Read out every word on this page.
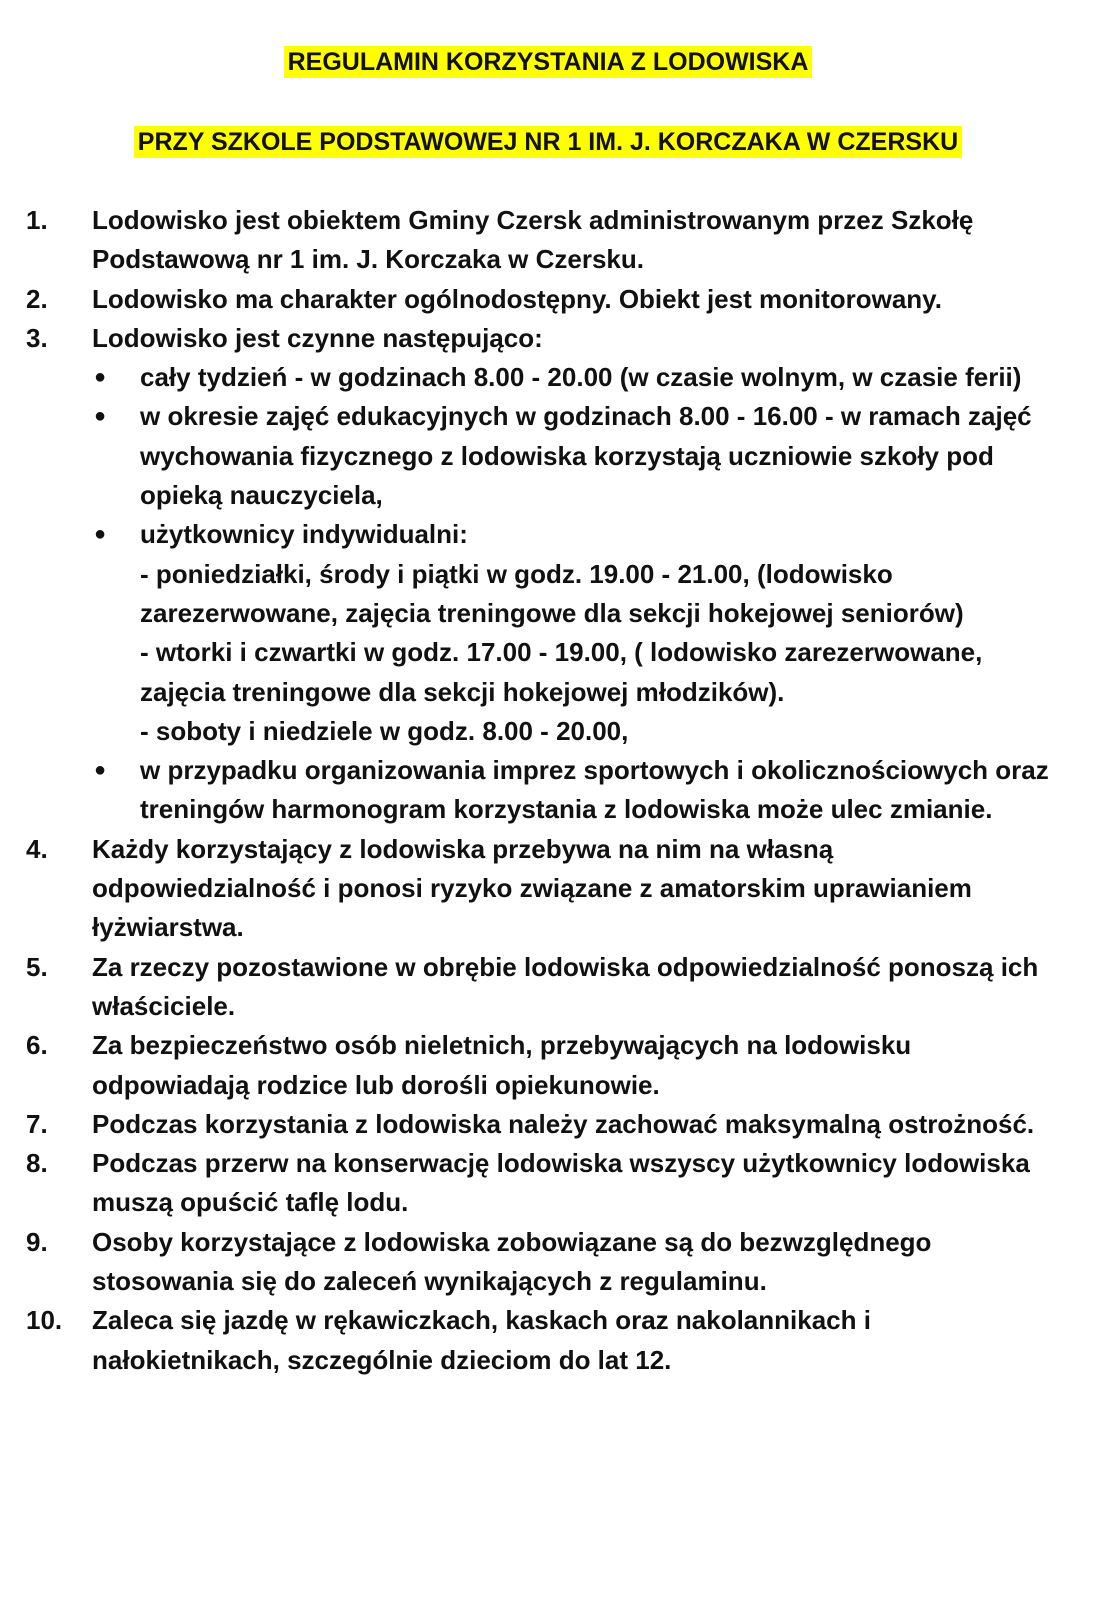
REGULAMIN KORZYSTANIA Z LODOWISKA
PRZY SZKOLE PODSTAWOWEJ NR 1 IM. J. KORCZAKA W CZERSKU
1. Lodowisko jest obiektem Gminy Czersk administrowanym przez Szkołę Podstawową nr 1 im. J. Korczaka w Czersku.
2. Lodowisko ma charakter ogólnodostępny. Obiekt jest monitorowany.
3. Lodowisko jest czynne następująco:
● cały tydzień - w godzinach 8.00 - 20.00 (w czasie wolnym, w czasie ferii)
● w okresie zajęć edukacyjnych w godzinach 8.00 - 16.00 - w ramach zajęć wychowania fizycznego z lodowiska korzystają uczniowie szkoły pod opieką nauczyciela,
● użytkownicy indywidualni:
- poniedziałki, środy i piątki w godz. 19.00 - 21.00, (lodowisko zarezerwowane, zajęcia treningowe dla sekcji hokejowej seniorów)
- wtorki i czwartki w godz. 17.00 - 19.00, ( lodowisko zarezerwowane, zajęcia treningowe dla sekcji hokejowej młodzików).
- soboty i niedziele w godz. 8.00 - 20.00,
● w przypadku organizowania imprez sportowych i okolicznościowych oraz treningów harmonogram korzystania z lodowiska może ulec zmianie.
4. Każdy korzystający z lodowiska przebywa na nim na własną odpowiedzialność i ponosi ryzyko związane z amatorskim uprawianiem łyżwiarstwa.
5. Za rzeczy pozostawione w obrębie lodowiska odpowiedzialność ponoszą ich właściciele.
6. Za bezpieczeństwo osób nieletnich, przebywających na lodowisku odpowiadają rodzice lub dorośli opiekunowie.
7. Podczas korzystania z lodowiska należy zachować maksymalną ostrożność.
8. Podczas przerw na konserwację lodowiska wszyscy użytkownicy lodowiska muszą opuścić taflę lodu.
9. Osoby korzystające z lodowiska zobowiązane są do bezwzględnego stosowania się do zaleceń wynikających z regulaminu.
10. Zaleca się jazdę w rękawiczkach, kaskach oraz nakolannikach i nałokietnikach, szczególnie dzieciom do lat 12.
